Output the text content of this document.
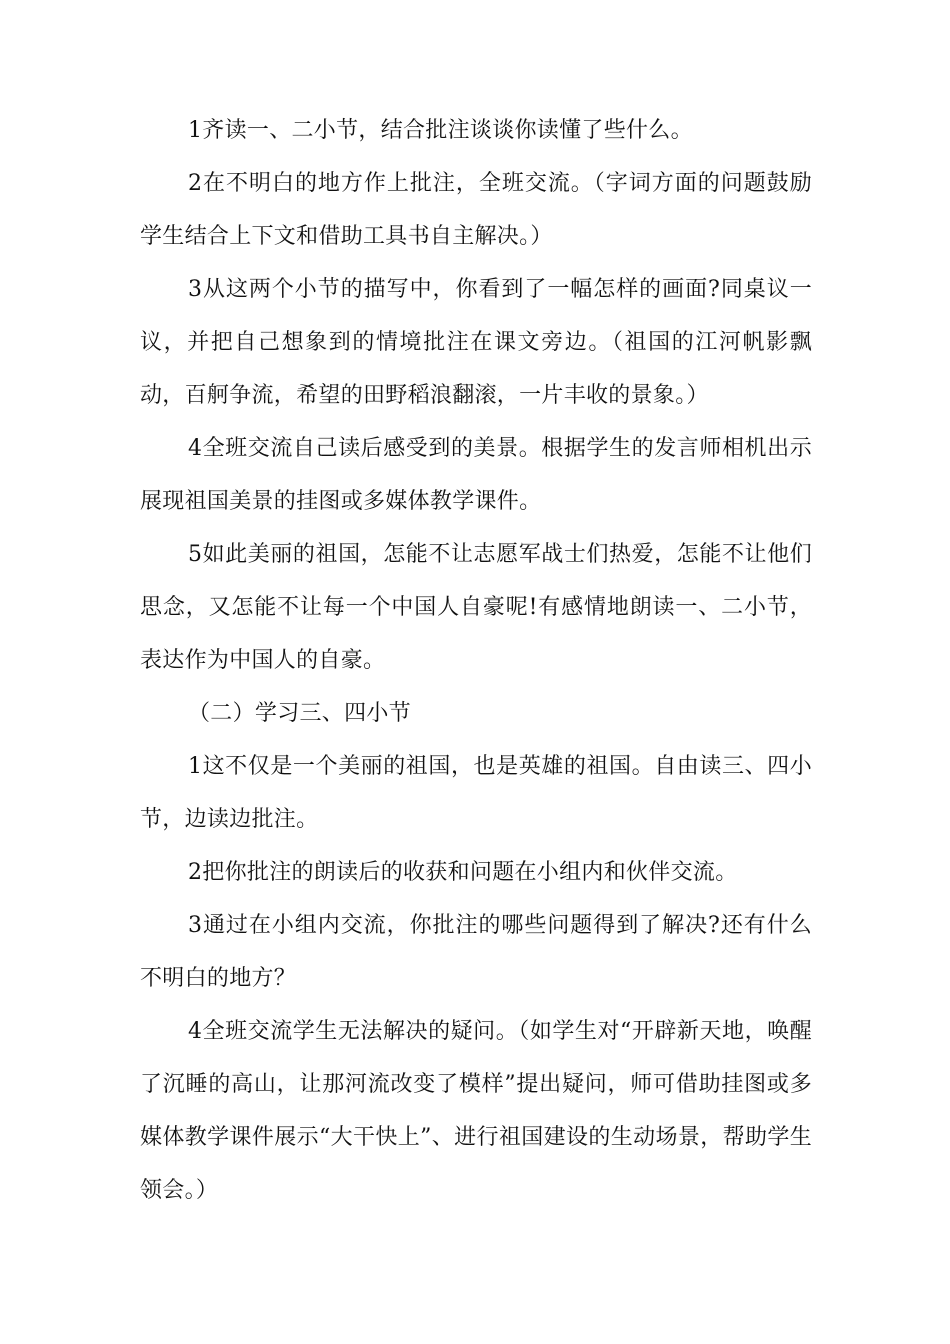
1齐读一、二小节，结合批注谈谈你读懂了些什么。

2在不明白的地方作上批注，全班交流。（字词方面的问题鼓励学生结合上下文和借助工具书自主解决。）

3从这两个小节的描写中，你看到了一幅怎样的画面?同桌议一议，并把自己想象到的情境批注在课文旁边。（祖国的江河帆影飘动，百舸争流，希望的田野稻浪翻滚，一片丰收的景象。）

4全班交流自己读后感受到的美景。根据学生的发言师相机出示展现祖国美景的挂图或多媒体教学课件。

5如此美丽的祖国，怎能不让志愿军战士们热爱，怎能不让他们思念，又怎能不让每一个中国人自豪呢!有感情地朗读一、二小节，表达作为中国人的自豪。

（二）学习三、四小节

1这不仅是一个美丽的祖国，也是英雄的祖国。自由读三、四小节，边读边批注。

2把你批注的朗读后的收获和问题在小组内和伙伴交流。

3通过在小组内交流，你批注的哪些问题得到了解决?还有什么不明白的地方？

4全班交流学生无法解决的疑问。（如学生对“开辟新天地，唤醒了沉睡的高山，让那河流改变了模样”提出疑问，师可借助挂图或多媒体教学课件展示“大干快上”、进行祖国建设的生动场景，帮助学生领会。）
